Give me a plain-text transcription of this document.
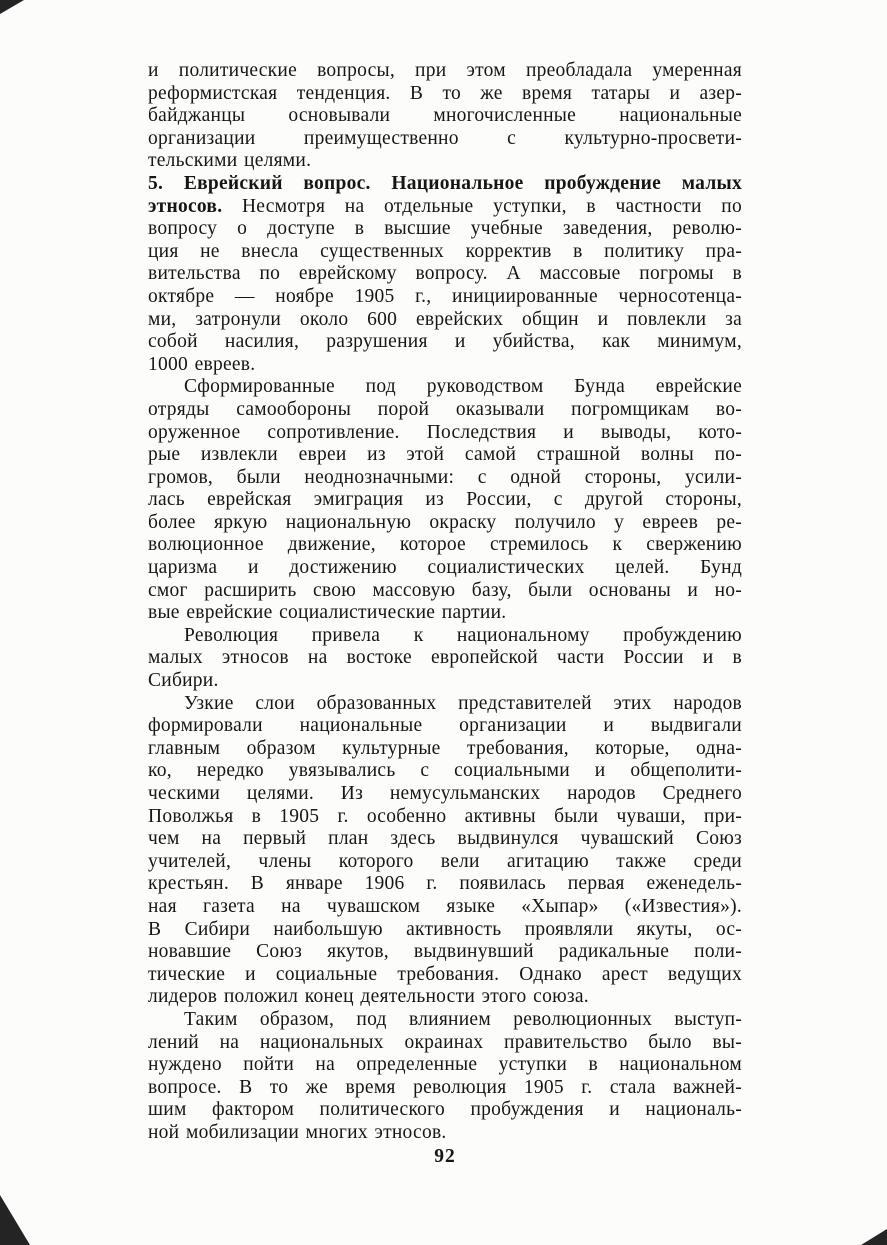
и политические вопросы, при этом преобладала умеренная
реформистская тенденция. В то же время татары и азер-
байджанцы основывали многочисленные национальные
организации преимущественно с культурно-просвети-
тельскими целями.
5. Еврейский вопрос. Национальное пробуждение малых
этносов. Несмотря на отдельные уступки, в частности по
вопросу о доступе в высшие учебные заведения, револю-
ция не внесла существенных корректив в политику пра-
вительства по еврейскому вопросу. А массовые погромы в
октябре — ноябре 1905 г., инициированные черносотенца-
ми, затронули около 600 еврейских общин и повлекли за
собой насилия, разрушения и убийства, как минимум,
1000 евреев.
Сформированные под руководством Бунда еврейские
отряды самообороны порой оказывали погромщикам во-
оруженное сопротивление. Последствия и выводы, кото-
рые извлекли евреи из этой самой страшной волны по-
громов, были неоднозначными: с одной стороны, усили-
лась еврейская эмиграция из России, с другой стороны,
более яркую национальную окраску получило у евреев ре-
волюционное движение, которое стремилось к свержению
царизма и достижению социалистических целей. Бунд
смог расширить свою массовую базу, были основаны и но-
вые еврейские социалистические партии.
Революция привела к национальному пробуждению
малых этносов на востоке европейской части России и в
Сибири.
Узкие слои образованных представителей этих народов
формировали национальные организации и выдвигали
главным образом культурные требования, которые, одна-
ко, нередко увязывались с социальными и общеполити-
ческими целями. Из немусульманских народов Среднего
Поволжья в 1905 г. особенно активны были чуваши, при-
чем на первый план здесь выдвинулся чувашский Союз
учителей, члены которого вели агитацию также среди
крестьян. В январе 1906 г. появилась первая еженедель-
ная газета на чувашском языке «Хыпар» («Известия»).
В Сибири наибольшую активность проявляли якуты, ос-
новавшие Союз якутов, выдвинувший радикальные поли-
тические и социальные требования. Однако арест ведущих
лидеров положил конец деятельности этого союза.
Таким образом, под влиянием революционных выступ-
лений на национальных окраинах правительство было вы-
нуждено пойти на определенные уступки в национальном
вопросе. В то же время революция 1905 г. стала важней-
шим фактором политического пробуждения и националь-
ной мобилизации многих этносов.
92
